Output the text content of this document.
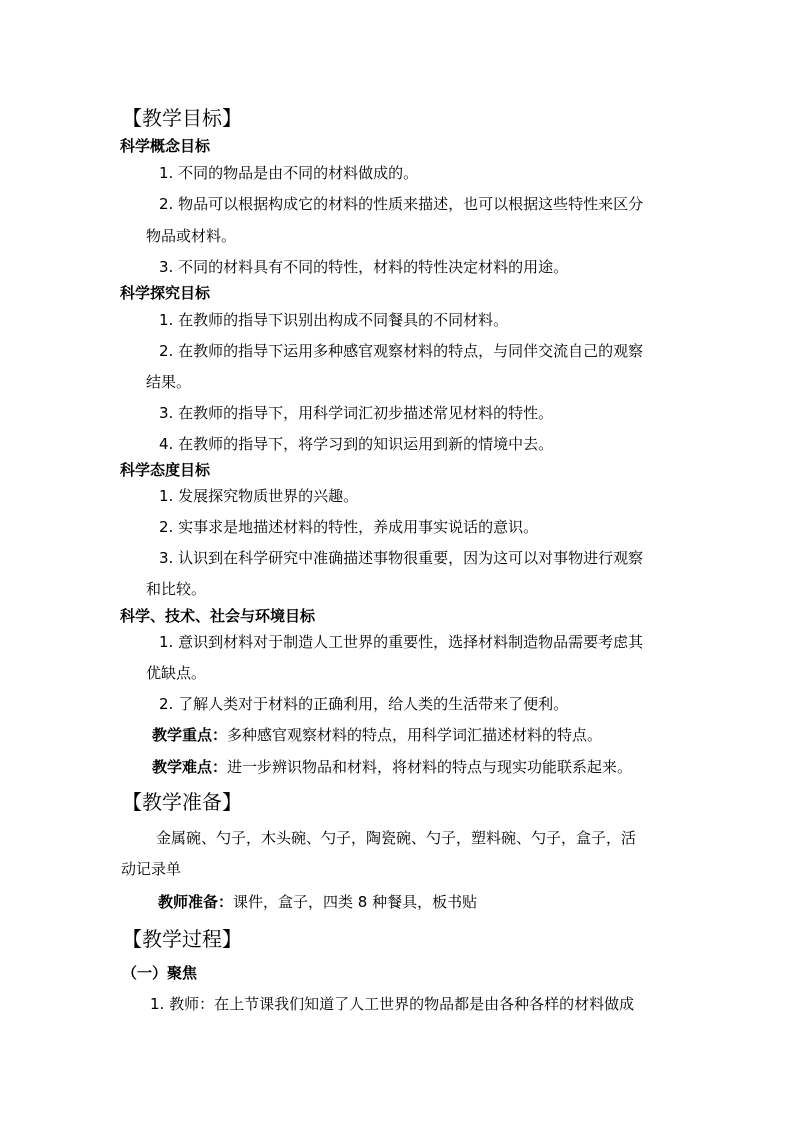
【教学目标】
科学概念目标
1. 不同的物品是由不同的材料做成的。
2. 物品可以根据构成它的材料的性质来描述，也可以根据这些特性来区分
物品或材料。
3. 不同的材料具有不同的特性，材料的特性决定材料的用途。
科学探究目标
1. 在教师的指导下识别出构成不同餐具的不同材料。
2. 在教师的指导下运用多种感官观察材料的特点，与同伴交流自己的观察
结果。
3. 在教师的指导下，用科学词汇初步描述常见材料的特性。
4. 在教师的指导下，将学习到的知识运用到新的情境中去。
科学态度目标
1. 发展探究物质世界的兴趣。
2. 实事求是地描述材料的特性，养成用事实说话的意识。
3. 认识到在科学研究中准确描述事物很重要，因为这可以对事物进行观察
和比较。
科学、技术、社会与环境目标
1. 意识到材料对于制造人工世界的重要性，选择材料制造物品需要考虑其
优缺点。
2. 了解人类对于材料的正确利用，给人类的生活带来了便利。
教学重点：多种感官观察材料的特点，用科学词汇描述材料的特点。
教学难点：进一步辨识物品和材料，将材料的特点与现实功能联系起来。
【教学准备】
金属碗、勺子，木头碗、勺子，陶瓷碗、勺子，塑料碗、勺子，盒子，活
动记录单
教师准备：课件，盒子，四类 8 种餐具，板书贴
【教学过程】
（一）聚焦
1. 教师：在上节课我们知道了人工世界的物品都是由各种各样的材料做成
